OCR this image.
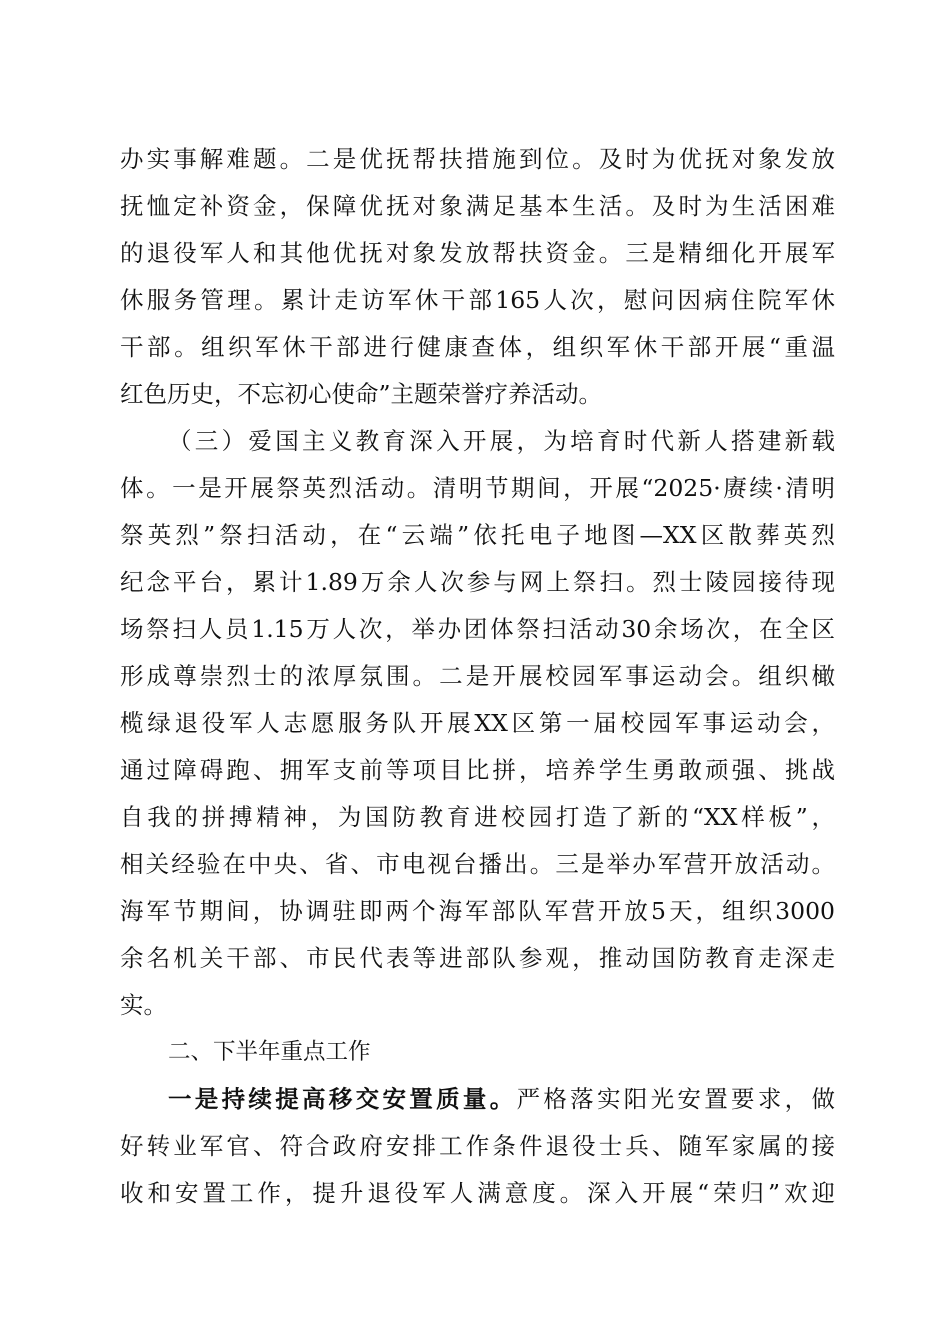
办实事解难题。二是优抚帮扶措施到位。及时为优抚对象发放
抚恤定补资金，保障优抚对象满足基本生活。及时为生活困难
的退役军人和其他优抚对象发放帮扶资金。三是精细化开展军
休服务管理。累计走访军休干部165人次，慰问因病住院军休
干部。组织军休干部进行健康查体，组织军休干部开展“重温
红色历史，不忘初心使命”主题荣誉疗养活动。
（三）爱国主义教育深入开展，为培育时代新人搭建新载
体。一是开展祭英烈活动。清明节期间，开展“2025·赓续·清明
祭英烈”祭扫活动，在“云端”依托电子地图—XX区散葬英烈
纪念平台，累计1.89万余人次参与网上祭扫。烈士陵园接待现
场祭扫人员1.15万人次，举办团体祭扫活动30余场次，在全区
形成尊崇烈士的浓厚氛围。二是开展校园军事运动会。组织橄
榄绿退役军人志愿服务队开展XX区第一届校园军事运动会，
通过障碍跑、拥军支前等项目比拼，培养学生勇敢顽强、挑战
自我的拼搏精神，为国防教育进校园打造了新的“XX样板”，
相关经验在中央、省、市电视台播出。三是举办军营开放活动。
海军节期间，协调驻即两个海军部队军营开放5天，组织3000
余名机关干部、市民代表等进部队参观，推动国防教育走深走
实。
二、下半年重点工作
一是持续提高移交安置质量。严格落实阳光安置要求，做
好转业军官、符合政府安排工作条件退役士兵、随军家属的接
收和安置工作，提升退役军人满意度。深入开展“荣归”欢迎
